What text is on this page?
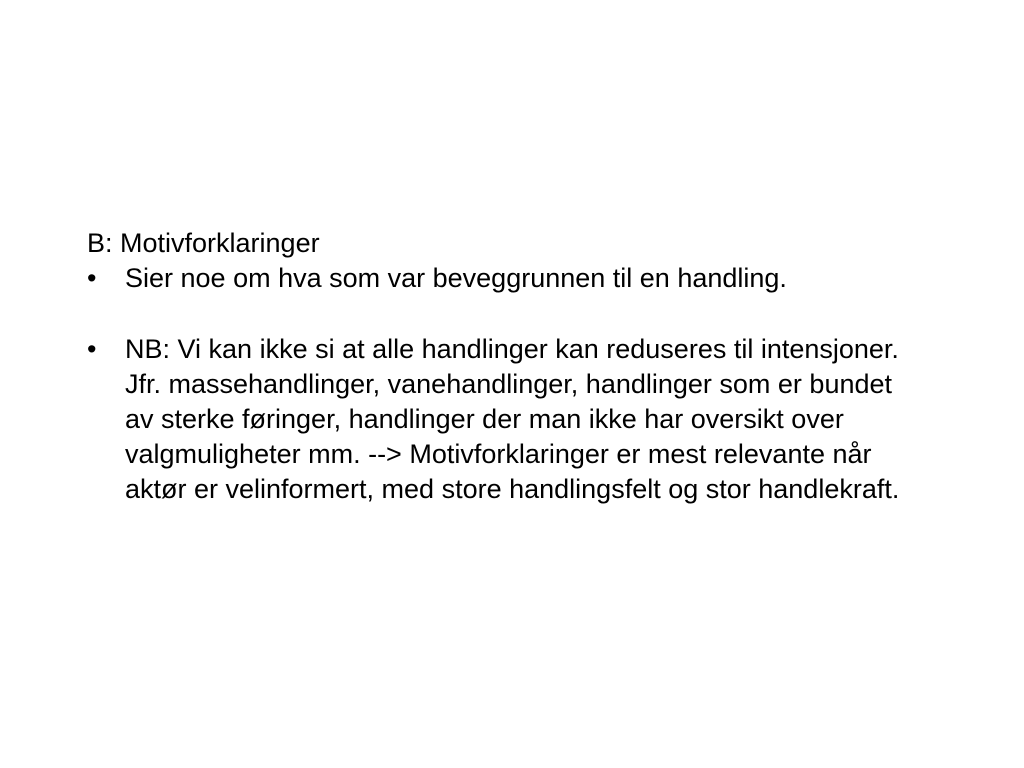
B: Motivforklaringer
• Sier noe om hva som var beveggrunnen til en handling.
• NB: Vi kan ikke si at alle handlinger kan reduseres til intensjoner. Jfr. massehandlinger, vanehandlinger, handlinger som er bundet av sterke føringer, handlinger der man ikke har oversikt over valgmuligheter mm. --> Motivforklaringer er mest relevante når aktør er velinformert, med store handlingsfelt og stor handlekraft.
